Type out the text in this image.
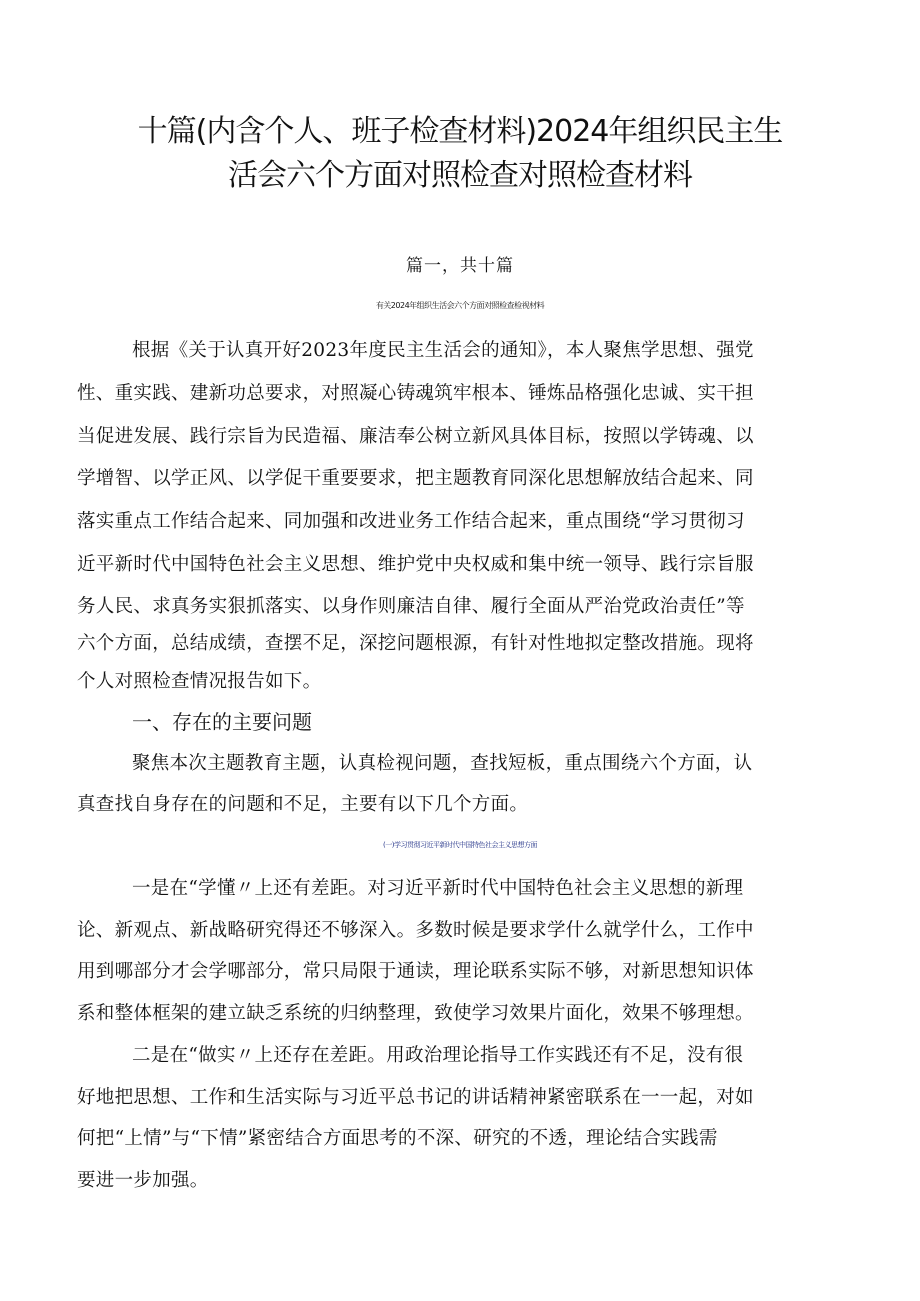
十篇(内含个人、班子检查材料)2024年组织民主生
活会六个方面对照检查对照检查材料
篇一，共十篇
有关2024年组织生活会六个方面对照检查检视材料
根据《关于认真开好2023年度民主生活会的通知》，本人聚焦学思想、强党
性、重实践、建新功总要求，对照凝心铸魂筑牢根本、锤炼品格强化忠诚、实干担
当促进发展、践行宗旨为民造福、廉洁奉公树立新风具体目标，按照以学铸魂、以
学增智、以学正风、以学促干重要要求，把主题教育同深化思想解放结合起来、同
落实重点工作结合起来、同加强和改进业务工作结合起来，重点围绕“学习贯彻习
近平新时代中国特色社会主义思想、维护党中央权威和集中统一领导、践行宗旨服
务人民、求真务实狠抓落实、以身作则廉洁自律、履行全面从严治党政治责任”等
六个方面，总结成绩，查摆不足，深挖问题根源，有针对性地拟定整改措施。现将
个人对照检查情况报告如下。
一、存在的主要问题
聚焦本次主题教育主题，认真检视问题，查找短板，重点围绕六个方面，认
真查找自身存在的问题和不足，主要有以下几个方面。
(一)学习贯彻习近平新时代中国特色社会主义思想方面
一是在“学懂〃上还有差距。对习近平新时代中国特色社会主义思想的新理
论、新观点、新战略研究得还不够深入。多数时候是要求学什么就学什么，工作中
用到哪部分才会学哪部分，常只局限于通读，理论联系实际不够，对新思想知识体
系和整体框架的建立缺乏系统的归纳整理，致使学习效果片面化，效果不够理想。
二是在“做实〃上还存在差距。用政治理论指导工作实践还有不足，没有很
好地把思想、工作和生活实际与习近平总书记的讲话精神紧密联系在一一起，对如
何把“上情”与“下情”紧密结合方面思考的不深、研究的不透，理论结合实践需
要进一步加强。
